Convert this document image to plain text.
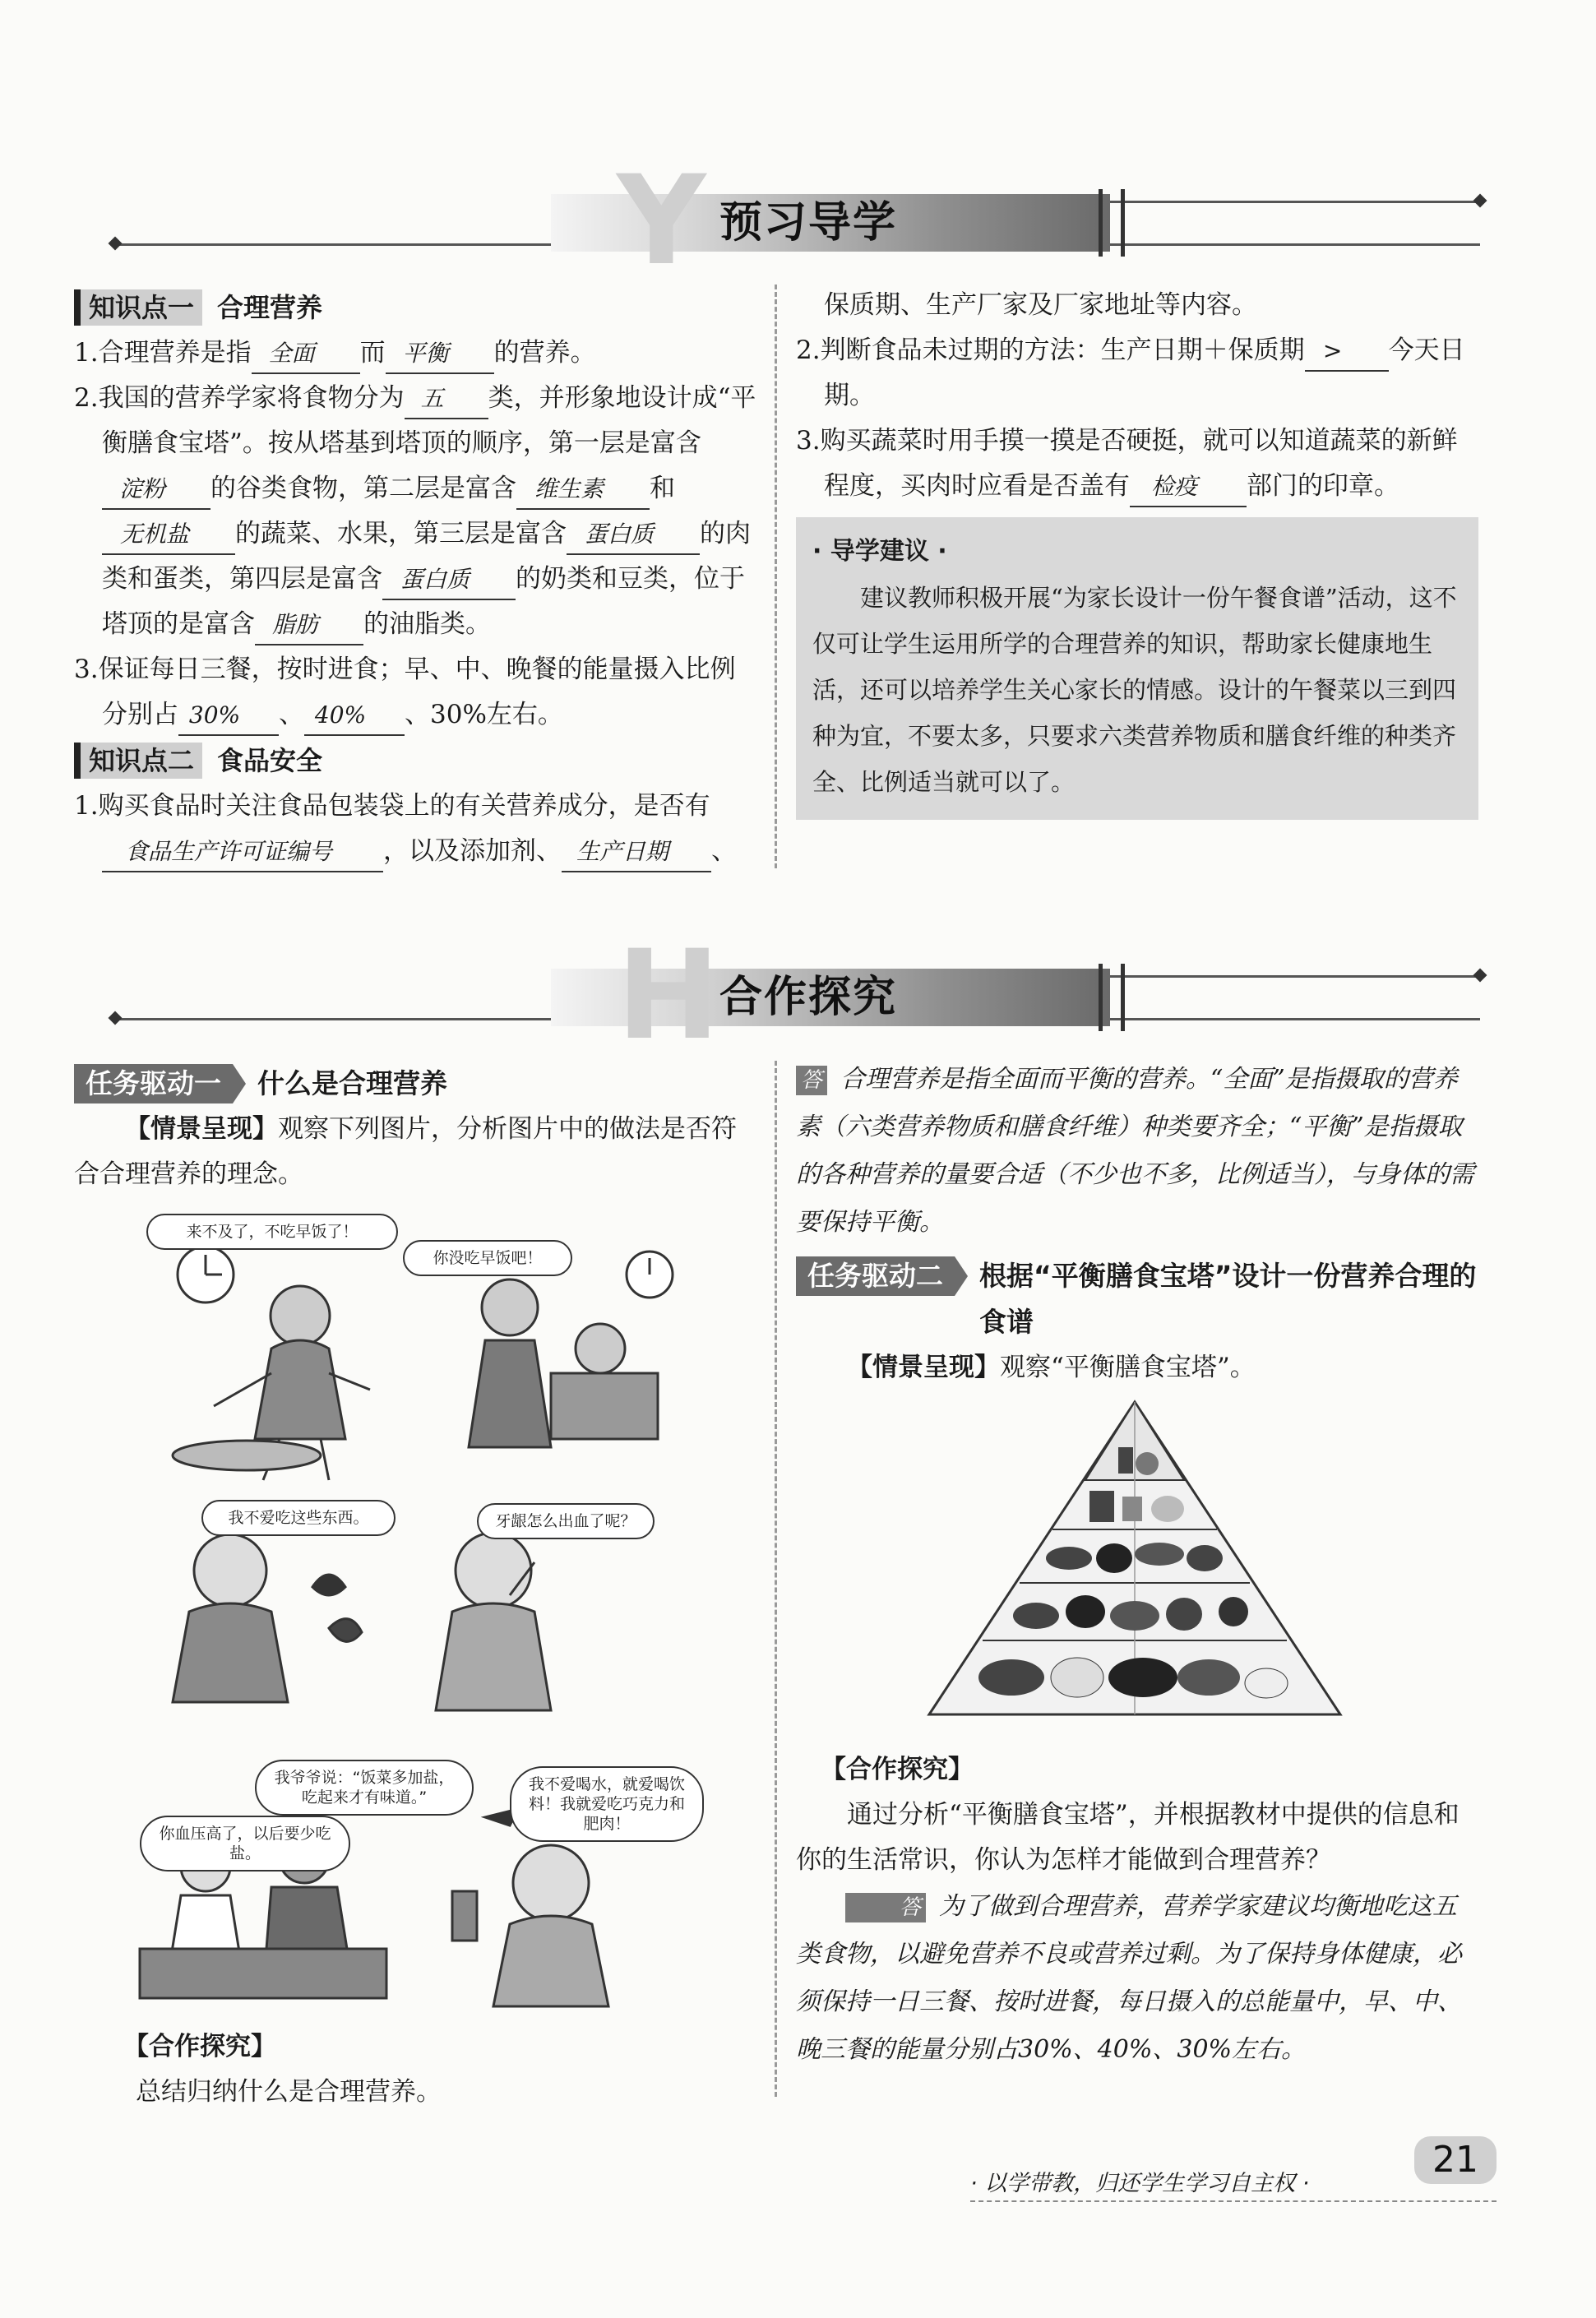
Y 预习导学
知识点一 合理营养

1.合理营养是指 全面 而 平衡 的营养。

2.我国的营养学家将食物分为 五 类，并形象地设计成“平衡膳食宝塔”。按从塔基到塔顶的顺序，第一层是富含淀粉 的谷类食物，第二层是富含 维生素 和无机盐 的蔬菜、水果，第三层是富含 蛋白质 的肉类和蛋类，第四层是富含 蛋白质 的奶类和豆类，位于塔顶的是富含 脂肪 的油脂类。

3.保证每日三餐，按时进食；早、中、晚餐的能量摄入比例分别占 30% 、 40% 、30%左右。

知识点二 食品安全

1.购买食品时关注食品包装袋上的有关营养成分，是否有食品生产许可证编号 ，以及添加剂、 生产日期 、

保质期、生产厂家及厂家地址等内容。

2.判断食品未过期的方法：生产日期＋保质期 > 今天日期。

3.购买蔬菜时用手摸一摸是否硬挺，就可以知道蔬菜的新鲜程度，买肉时应看是否盖有 检疫 部门的印章。

· 导学建议 ·

建议教师积极开展“为家长设计一份午餐食谱”活动，这不仅可让学生运用所学的合理营养的知识，帮助家长健康地生活，还可以培养学生关心家长的情感。设计的午餐菜以三到四种为宜，不要太多，只要求六类营养物质和膳食纤维的种类齐全、比例适当就可以了。

H 合作探究
任务驱动一	什么是合理营养

【情景呈现】观察下列图片，分析图片中的做法是否符合合理营养的理念。

来不及了，不吃早饭了！
你没吃早饭吧！
我不爱吃这些东西。	牙龈怎么出血了呢？
我爷爷说：“饭菜多加盐，吃起来才有味道。”
你血压高了，以后要少吃盐。
我不爱喝水，就爱喝饮料！我就爱吃巧克力和肥肉！

【合作探究】

总结归纳什么是合理营养。

答 合理营养是指全面而平衡的营养。“全面”是指摄取的营养素（六类营养物质和膳食纤维）种类要齐全；“平衡”是指摄取的各种营养的量要合适（不少也不多，比例适当），与身体的需要保持平衡。

任务驱动二	根据“平衡膳食宝塔”设计一份营养合理的食谱

【情景呈现】观察“平衡膳食宝塔”。

【合作探究】

通过分析“平衡膳食宝塔”，并根据教材中提供的信息和你的生活常识，你认为怎样才能做到合理营养？

答 为了做到合理营养，营养学家建议均衡地吃这五类食物，以避免营养不良或营养过剩。为了保持身体健康，必须保持一日三餐、按时进餐，每日摄入的总能量中，早、中、晚三餐的能量分别占30%、40%、30%左右。

· 以学带教，归还学生学习自主权 ·
21
